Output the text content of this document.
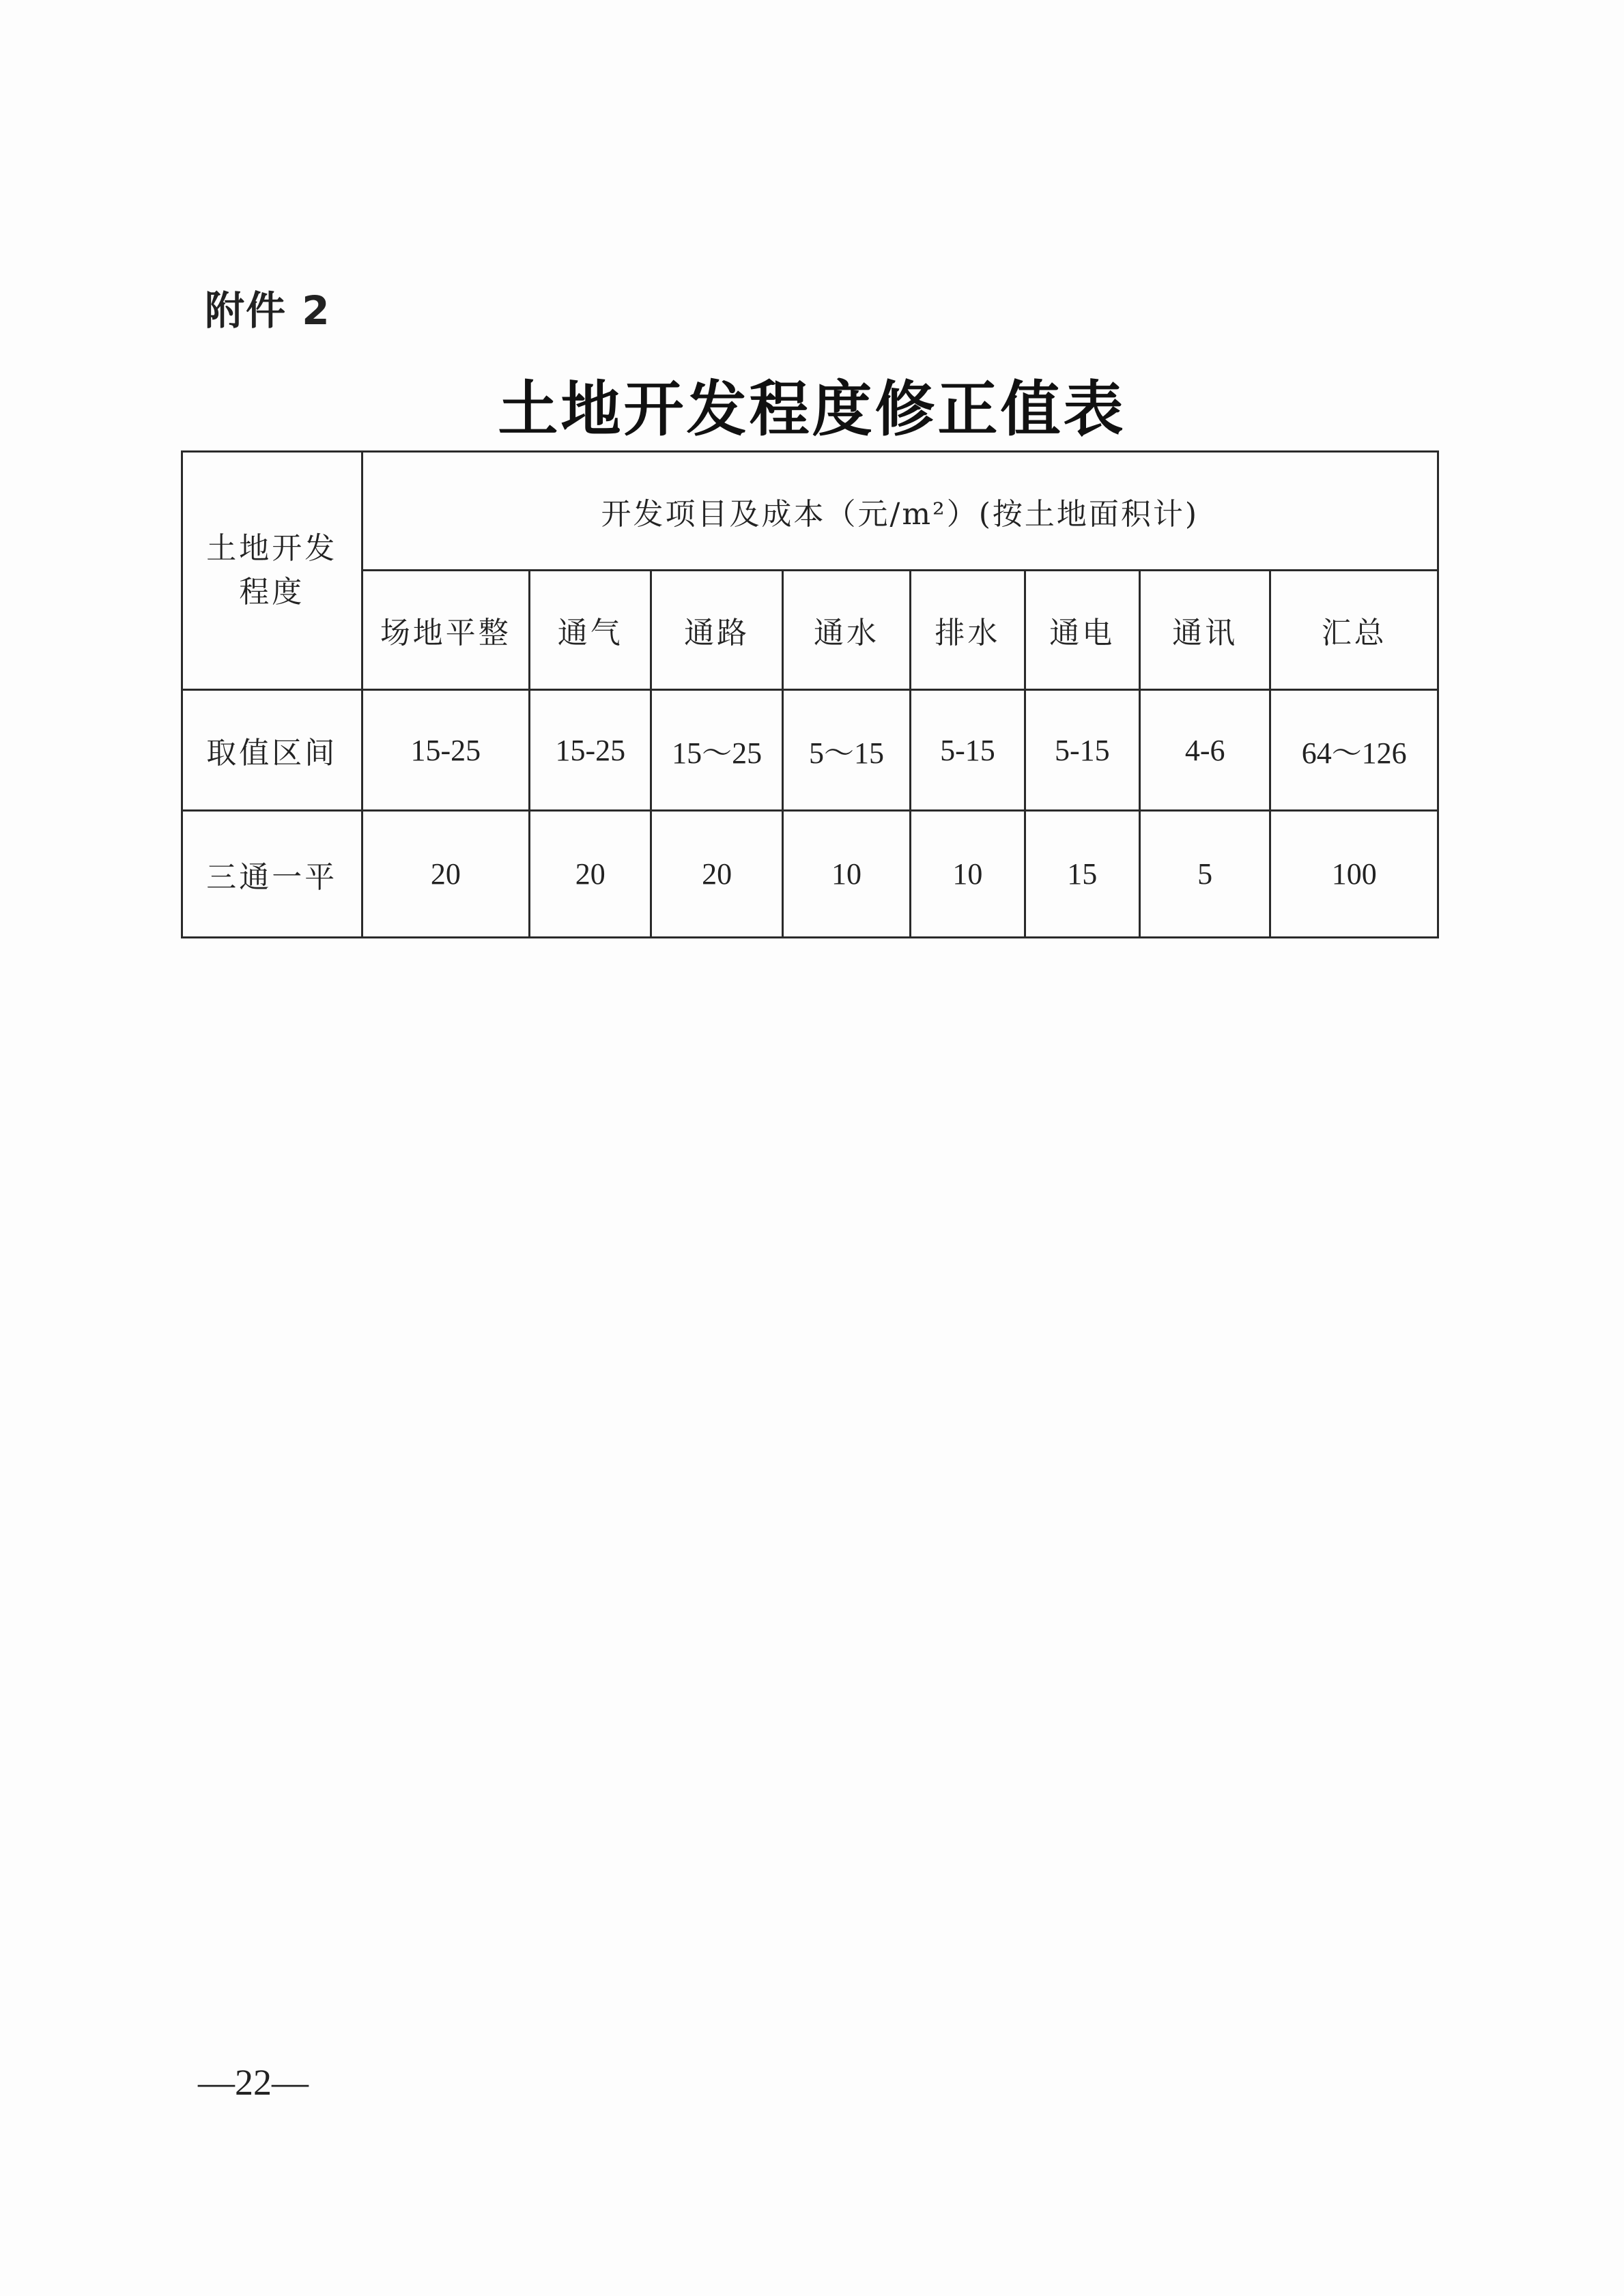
附件 2
土地开发程度修正值表
土地开发程度	开发项目及成本（元/m²）(按土地面积计)							
	场地平整	通气	通路	通水	排水	通电	通讯	汇总
取值区间	15-25	15-25	15～25	5～15	5-15	5-15	4-6	64～126
三通一平	20	20	20	10	10	15	5	100
—22—
